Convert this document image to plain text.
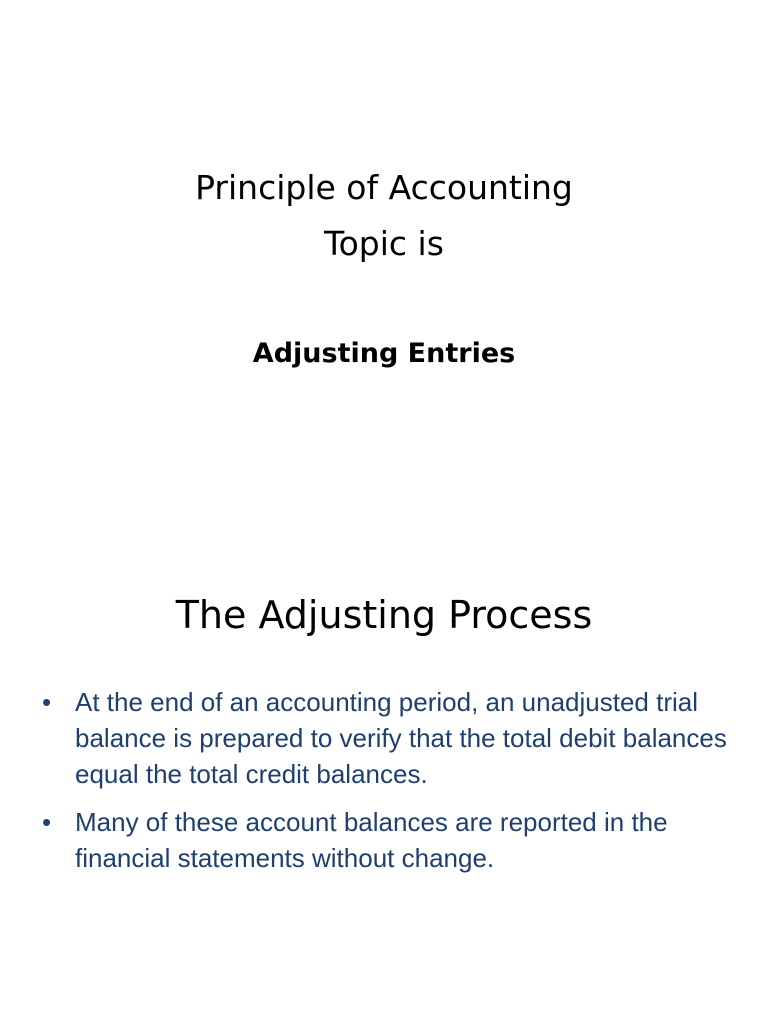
Principle of Accounting
Topic is
Adjusting Entries
The Adjusting Process
• At the end of an accounting period, an unadjusted trial balance is prepared to verify that the total debit balances equal the total credit balances.
• Many of these account balances are reported in the financial statements without change.
